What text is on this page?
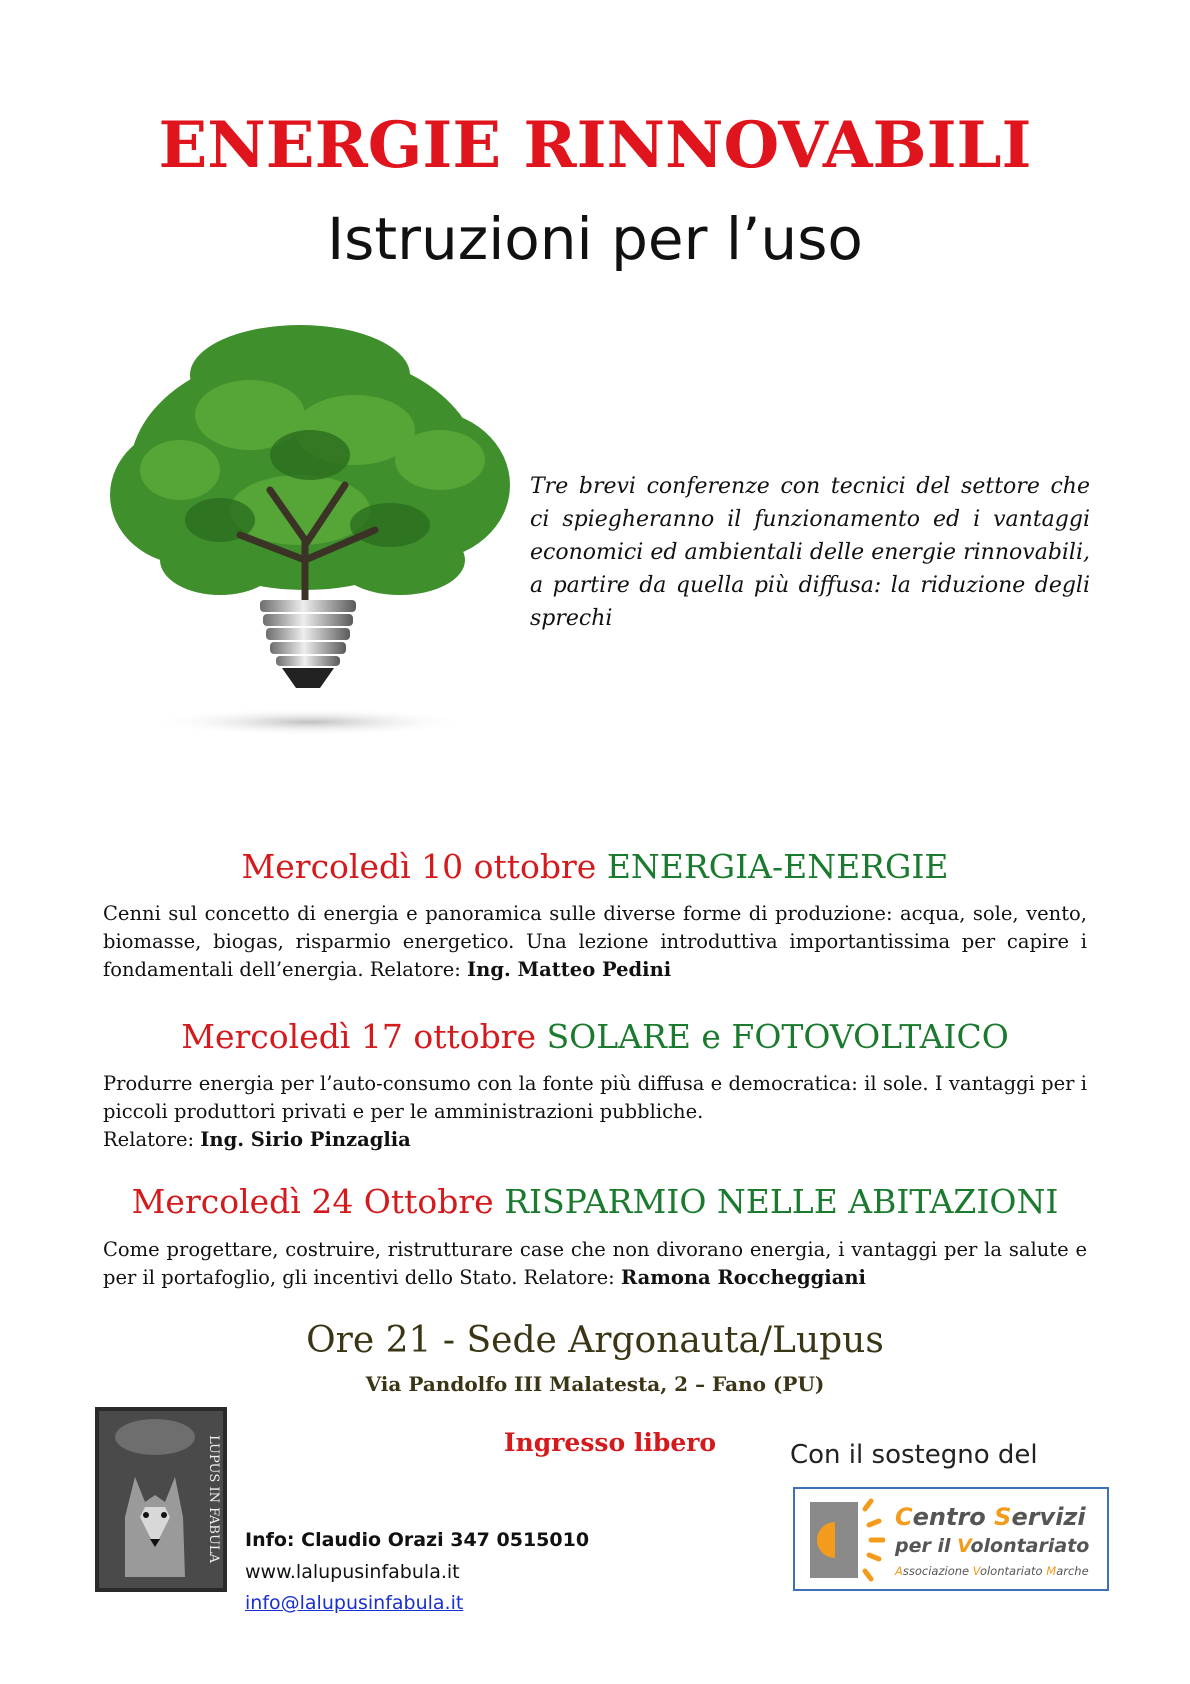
ENERGIE RINNOVABILI
Istruzioni per l’uso
Tre brevi conferenze con tecnici del settore che ci spiegheranno il funzionamento ed i vantaggi economici ed ambientali delle energie rinnovabili, a partire da quella più diffusa: la riduzione degli sprechi
Mercoledì 10 ottobre ENERGIA-ENERGIE
Cenni sul concetto di energia e panoramica sulle diverse forme di produzione: acqua, sole, vento, biomasse, biogas, risparmio energetico. Una lezione introduttiva importantissima per capire i fondamentali dell’energia. Relatore: Ing. Matteo Pedini
Mercoledì 17 ottobre SOLARE e FOTOVOLTAICO
Produrre energia per l’auto-consumo con la fonte più diffusa e democratica: il sole. I vantaggi per i piccoli produttori privati e per le amministrazioni pubbliche.
Relatore: Ing. Sirio Pinzaglia
Mercoledì 24 Ottobre RISPARMIO NELLE ABITAZIONI
Come progettare, costruire, ristrutturare case che non divorano energia, i vantaggi per la salute e per il portafoglio, gli incentivi dello Stato. Relatore: Ramona Roccheggiani
Ore 21 - Sede Argonauta/Lupus
Via Pandolfo III Malatesta, 2 – Fano (PU)
LUPUS IN FABULA	Ingresso libero
Info: Claudio Orazi 347 0515010
www.lalupusinfabula.it
info@lalupusinfabula.it
Con il sostegno del
Centro Servizi
per il Volontariato
Associazione Volontariato Marche
